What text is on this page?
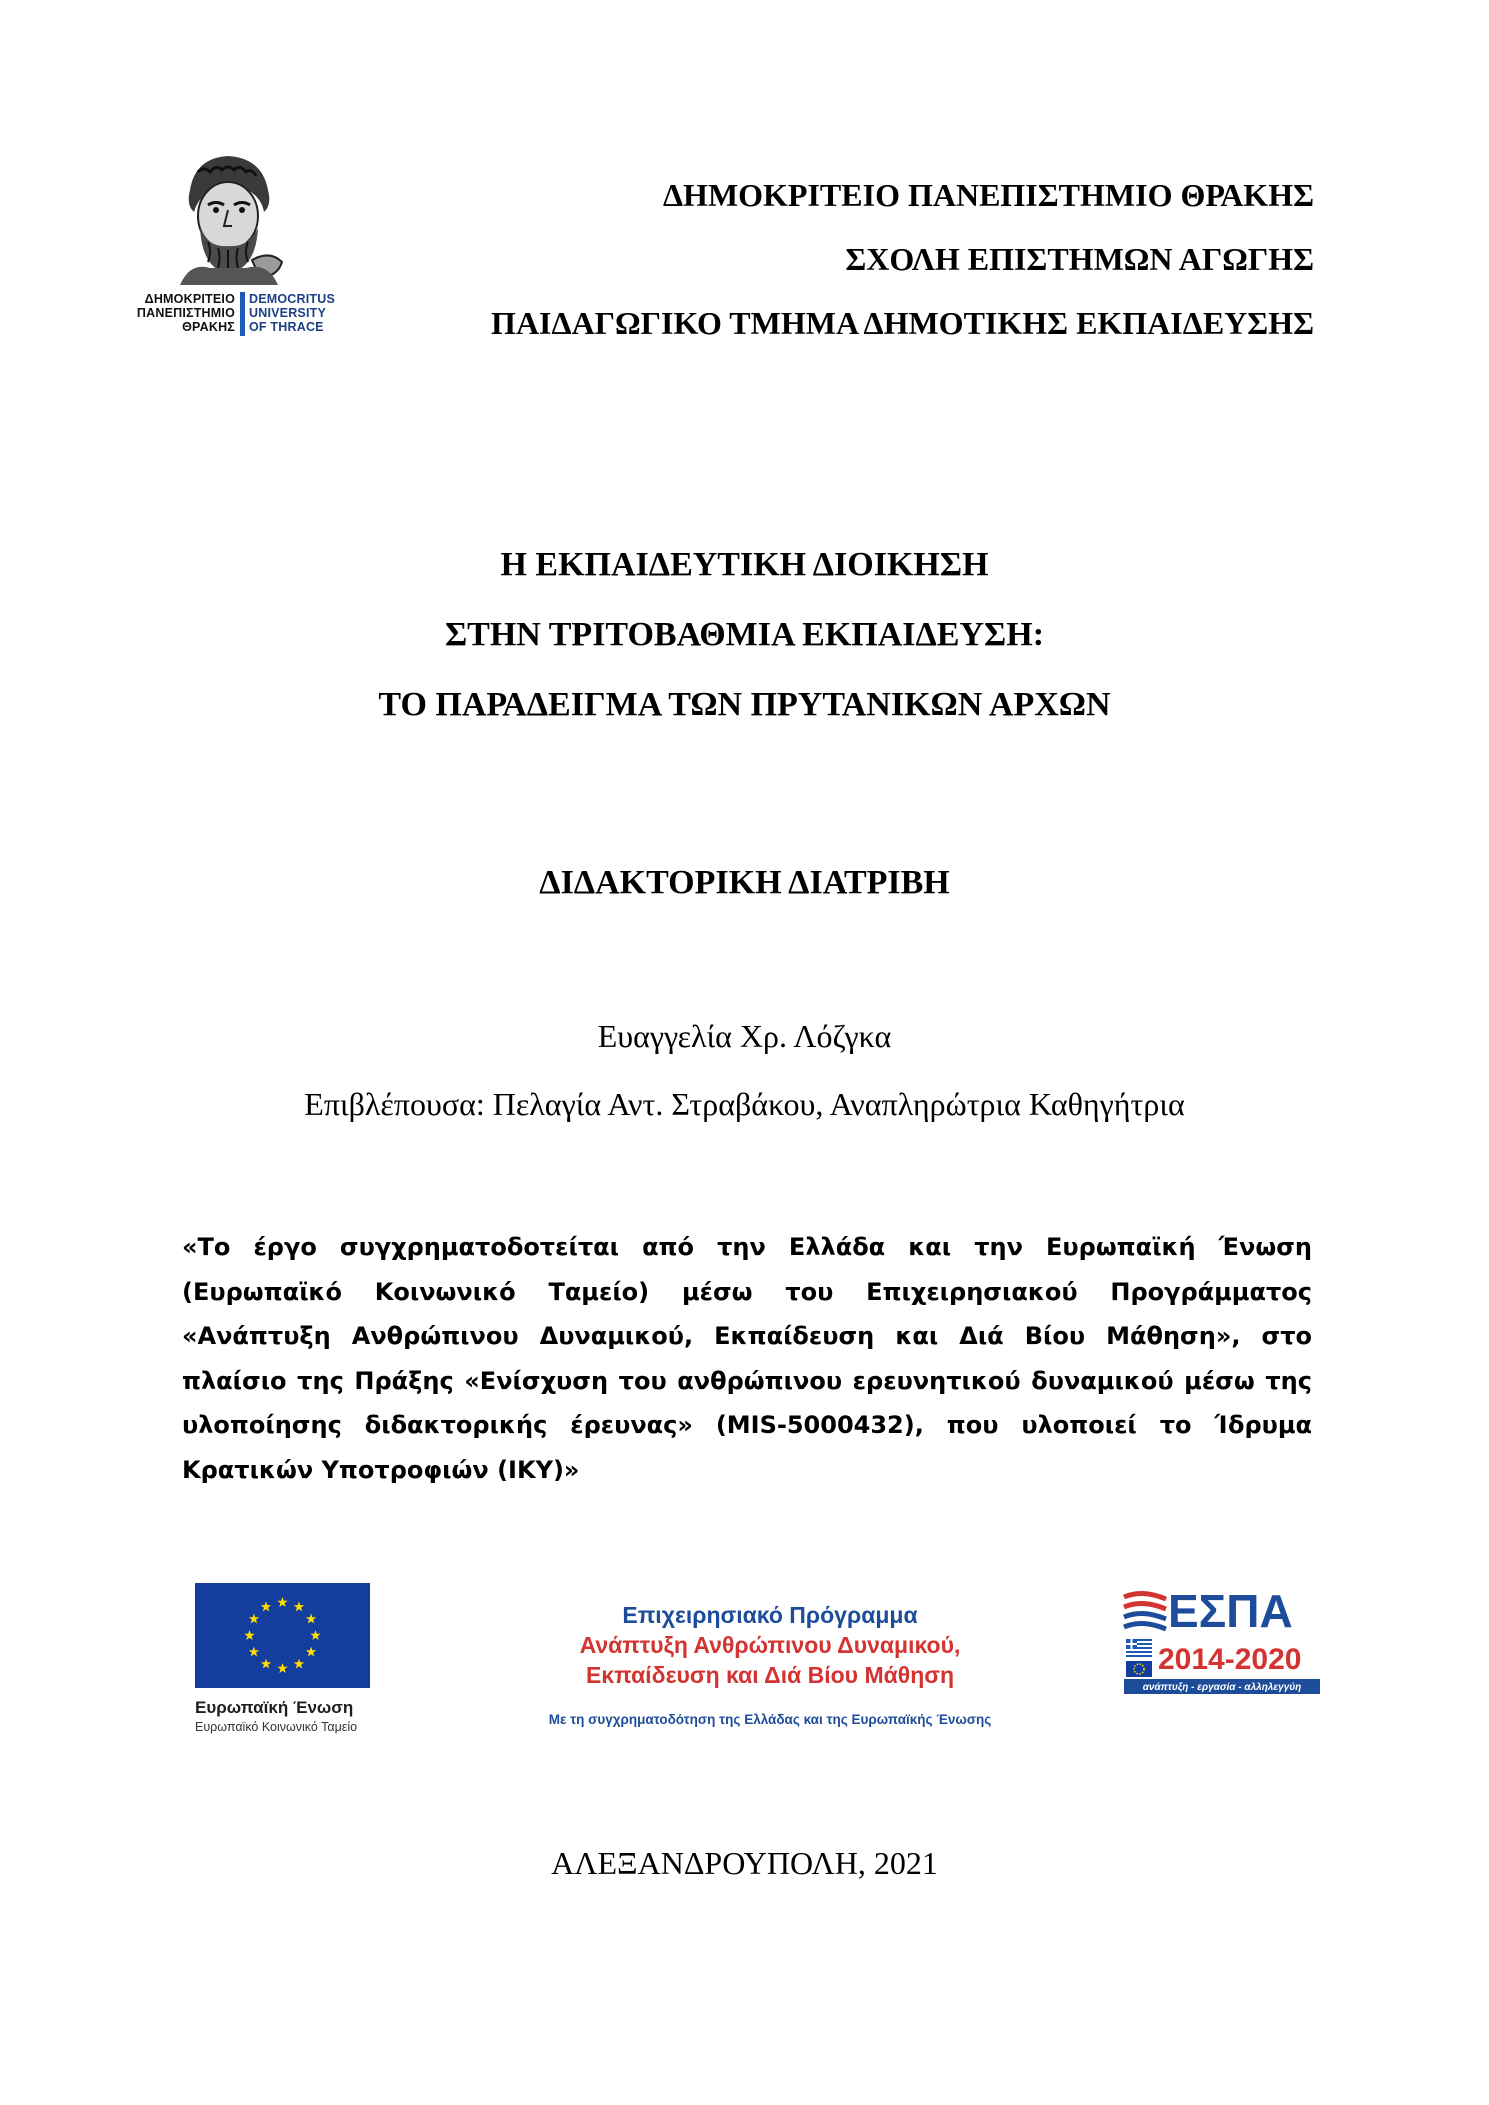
ΔΗΜΟΚΡΙΤΕΙΟ
ΠΑΝΕΠΙΣΤΗΜΙΟ
ΘΡΑΚΗΣ
DEMOCRITUS
UNIVERSITY
OF THRACE
ΔΗΜΟΚΡΙΤΕΙΟ ΠΑΝΕΠΙΣΤΗΜΙΟ ΘΡΑΚΗΣ
ΣΧΟΛΗ ΕΠΙΣΤΗΜΩΝ ΑΓΩΓΗΣ
ΠΑΙΔΑΓΩΓΙΚΟ ΤΜΗΜΑ ΔΗΜΟΤΙΚΗΣ ΕΚΠΑΙΔΕΥΣΗΣ
Η ΕΚΠΑΙΔΕΥΤΙΚΗ ΔΙΟΙΚΗΣΗ
ΣΤΗΝ ΤΡΙΤΟΒΑΘΜΙΑ ΕΚΠΑΙΔΕΥΣΗ:
ΤΟ ΠΑΡΑΔΕΙΓΜΑ ΤΩΝ ΠΡΥΤΑΝΙΚΩΝ ΑΡΧΩΝ
ΔΙΔΑΚΤΟΡΙΚΗ ΔΙΑΤΡΙΒΗ
Ευαγγελία Χρ. Λόζγκα
Επιβλέπουσα: Πελαγία Αντ. Στραβάκου, Αναπληρώτρια Καθηγήτρια
«Το έργο συγχρηματοδοτείται από την Ελλάδα και την Ευρωπαϊκή Ένωση (Ευρωπαϊκό Κοινωνικό Ταμείο) μέσω του Επιχειρησιακού Προγράμματος «Ανάπτυξη Ανθρώπινου Δυναμικού, Εκπαίδευση και Διά Βίου Μάθηση», στο πλαίσιο της Πράξης «Ενίσχυση του ανθρώπινου ερευνητικού δυναμικού μέσω της υλοποίησης διδακτορικής έρευνας» (MIS-5000432), που υλοποιεί το Ίδρυμα Κρατικών Υποτροφιών (ΙΚΥ)»
Ευρωπαϊκή Ένωση
Ευρωπαϊκό Κοινωνικό Ταμείο
Επιχειρησιακό Πρόγραμμα
Ανάπτυξη Ανθρώπινου Δυναμικού,
Εκπαίδευση και Διά Βίου Μάθηση
Με τη συγχρηματοδότηση της Ελλάδας και της Ευρωπαϊκής Ένωσης
ΕΣΠΑ
2014-2020
ανάπτυξη - εργασία - αλληλεγγύη
ΑΛΕΞΑΝΔΡΟΥΠΟΛΗ, 2021
